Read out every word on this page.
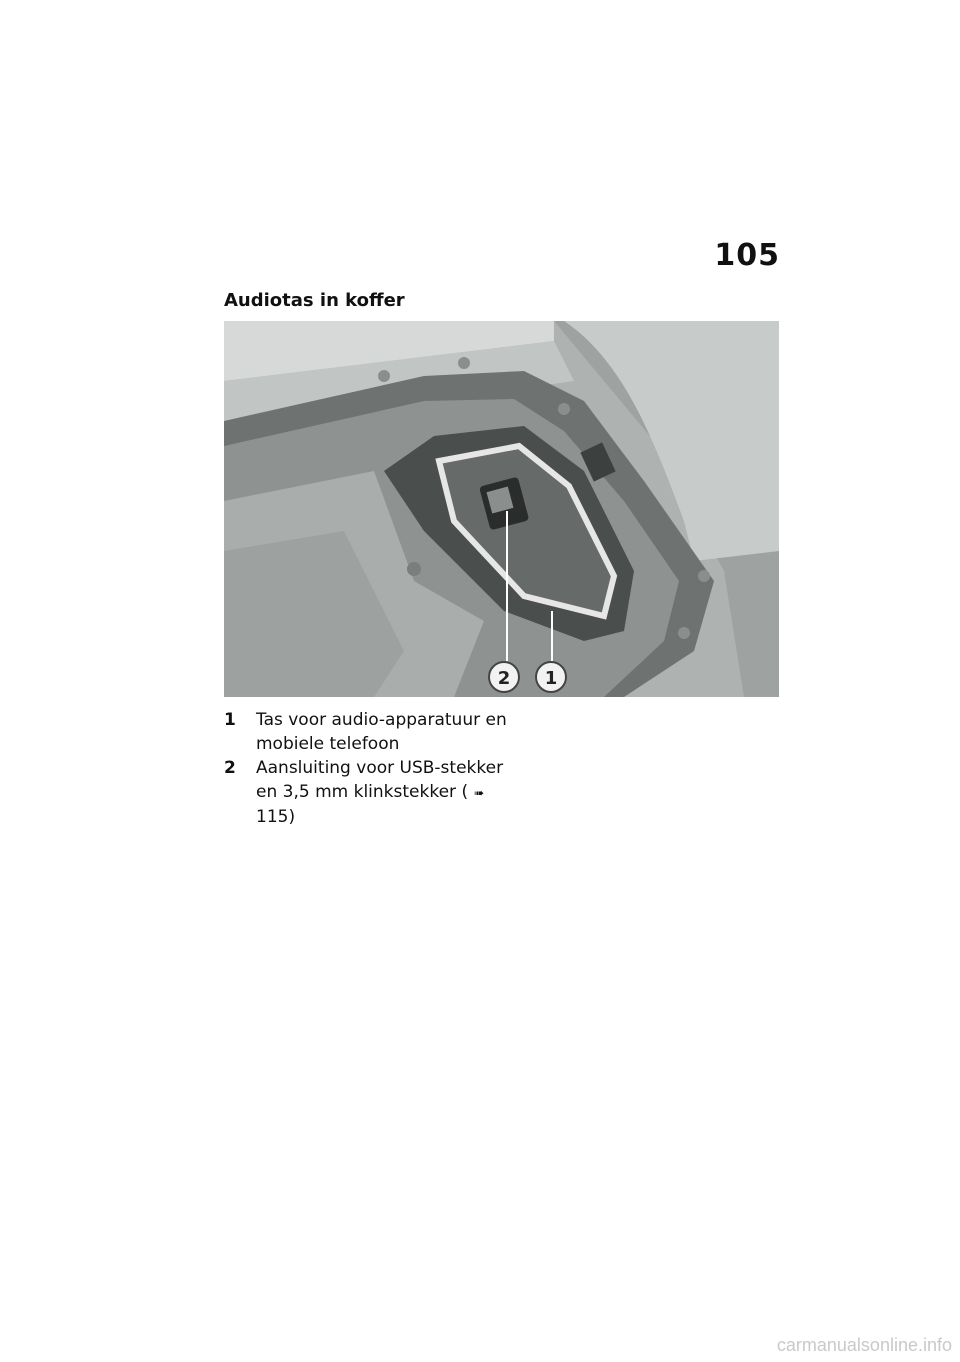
105
Audiotas in koffer
2 1
1	Tas voor audio-apparatuur en mobiele telefoon
2	Aansluiting voor USB-stekker en 3,5 mm klinkstekker ( ➠115)
carmanualsonline.info
